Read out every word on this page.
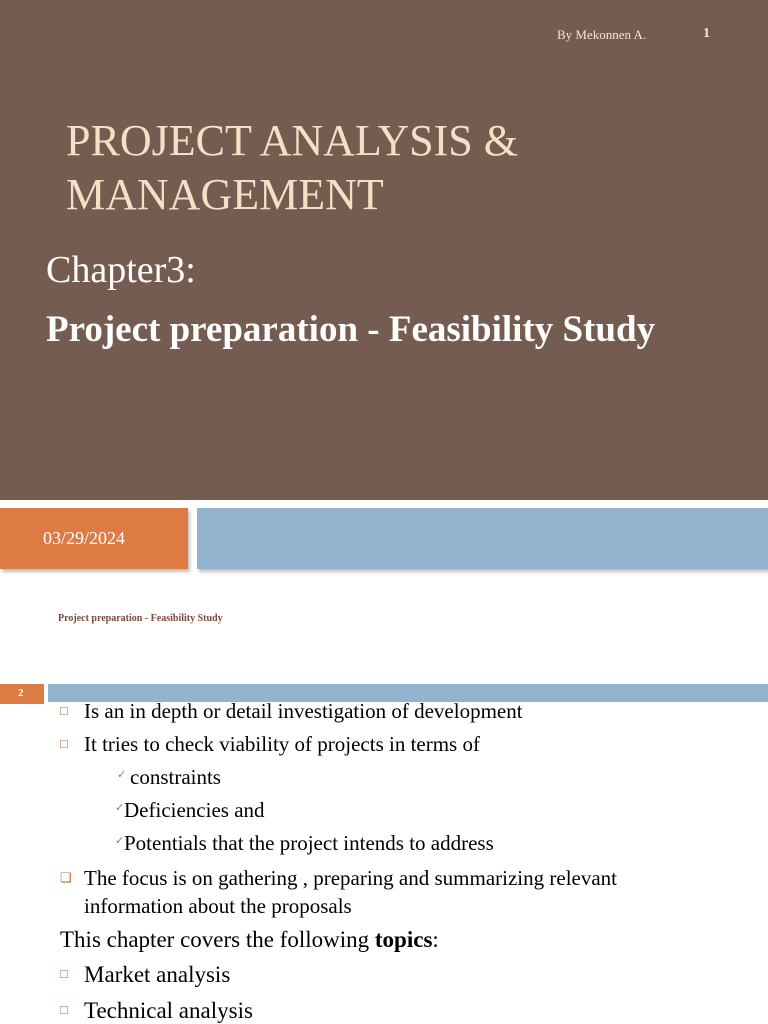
By Mekonnen A.	1
PROJECT ANALYSIS & MANAGEMENT
Chapter3:
Project preparation - Feasibility Study
03/29/2024
Project preparation - Feasibility Study
2
□ Is an in depth or detail investigation of development
□ It tries to check viability of projects in terms of
✓ constraints
✓ Deficiencies and
✓ Potentials that the project intends to address
❑ The focus is on gathering , preparing and summarizing relevant
information about the proposals
This chapter covers the following topics:
□ Market analysis
□ Technical analysis
